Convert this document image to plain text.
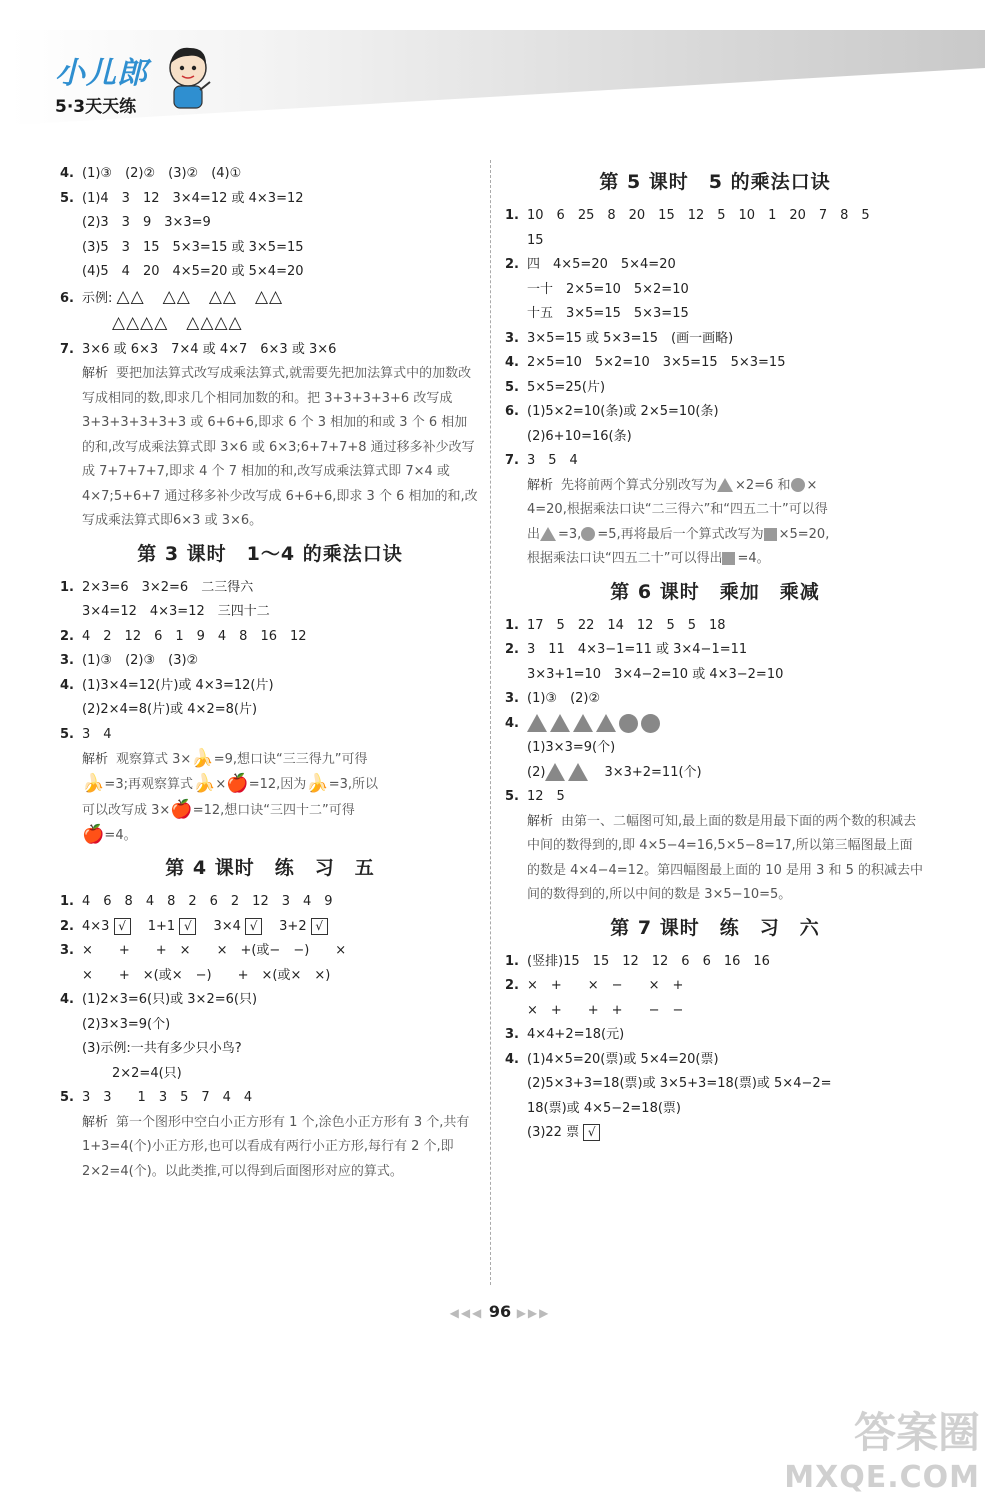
小儿郎
5·3天天练
4. (1)③　(2)②　(3)②　(4)①
5. (1)4　3　12　3×4=12 或 4×3=12
(2)3　3　9　3×3=9
(3)5　3　15　5×3=15 或 3×5=15
(4)5　4　20　4×5=20 或 5×4=20
6. 示例: △△　△△　△△　△△
△△△△　△△△△
7. 3×6 或 6×3　7×4 或 4×7　6×3 或 3×6
解析 要把加法算式改写成乘法算式,就需要先把加法算式中的加数改写成相同的数,即求几个相同加数的和。把 3+3+3+3+6 改写成 3+3+3+3+3+3 或 6+6+6,即求 6 个 3 相加的和或 3 个 6 相加的和,改写成乘法算式即 3×6 或 6×3;6+7+7+8 通过移多补少改写成 7+7+7+7,即求 4 个 7 相加的和,改写成乘法算式即 7×4 或 4×7;5+6+7 通过移多补少改写成 6+6+6,即求 3 个 6 相加的和,改写成乘法算式即6×3 或 3×6。
第 3 课时　1～4 的乘法口诀
1. 2×3=6　3×2=6　二三得六
3×4=12　4×3=12　三四十二
2. 4　2　12　6　1　9　4　8　16　12
3. (1)③　(2)③　(3)②
4. (1)3×4=12(片)或 4×3=12(片)
(2)2×4=8(片)或 4×2=8(片)
5. 3　4
解析 观察算式 3×🍌=9,想口诀“三三得九”可得
🍌=3;再观察算式🍌×🍎=12,因为🍌=3,所以
可以改写成 3×🍎=12,想口诀“三四十二”可得
🍎=4。
第 4 课时　练　习　五
1. 4　6　8　4　8　2　6　2　12　3　4　9
2. 4×3 √　 1+1 √　 3×4 √　 3+2 √
3. ×　　+　　+　×　　×　+(或−　−)　　×
×　　+　×(或×　−)　　+　×(或×　×)
4. (1)2×3=6(只)或 3×2=6(只)
(2)3×3=9(个)
(3)示例:一共有多少只小鸟?
2×2=4(只)
5. 3　3　　1　3　5　7　4　4
解析 第一个图形中空白小正方形有 1 个,涂色小正方形有 3 个,共有 1+3=4(个)小正方形,也可以看成有两行小正方形,每行有 2 个,即 2×2=4(个)。以此类推,可以得到后面图形对应的算式。
第 5 课时　5 的乘法口诀
1. 10　6　25　8　20　15　12　5　10　1　20　7　8　5
15
2. 四　4×5=20　5×4=20
一十　2×5=10　5×2=10
十五　3×5=15　5×3=15
3. 3×5=15 或 5×3=15　(画一画略)
4. 2×5=10　5×2=10　3×5=15　5×3=15
5. 5×5=25(片)
6. (1)5×2=10(条)或 2×5=10(条)
(2)6+10=16(条)
7. 3　5　4
解析 先将前两个算式分别改写为 ×2=6 和 ×
4=20,根据乘法口诀“二三得六”和“四五二十”可以得
出 =3, =5,再将最后一个算式改写为 ×5=20,
根据乘法口诀“四五二十”可以得出 =4。
第 6 课时　乘加　乘减
1. 17　5　22　14　12　5　5　18
2. 3　11　4×3−1=11 或 3×4−1=11
3×3+1=10　3×4−2=10 或 4×3−2=10
3. (1)③　(2)②
4.
(1)3×3=9(个)
(2)　	3×3+2=11(个)
5. 12　5
解析 由第一、二幅图可知,最上面的数是用最下面的两个数的积减去中间的数得到的,即 4×5−4=16,5×5−8=17,所以第三幅图最上面的数是 4×4−4=12。第四幅图最上面的 10 是用 3 和 5 的积减去中间的数得到的,所以中间的数是 3×5−10=5。
第 7 课时　练　习　六
1. (竖排)15　15　12　12　6　6　16　16
2. ×　+　　×　−　　×　+
×　+　　+　+　　−　−
3. 4×4+2=18(元)
4. (1)4×5=20(票)或 5×4=20(票)
(2)5×3+3=18(票)或 3×5+3=18(票)或 5×4−2=
18(票)或 4×5−2=18(票)
(3)22 票 √
◀◀◀ 96 ▶▶▶
答案圈
MXQE.COM
